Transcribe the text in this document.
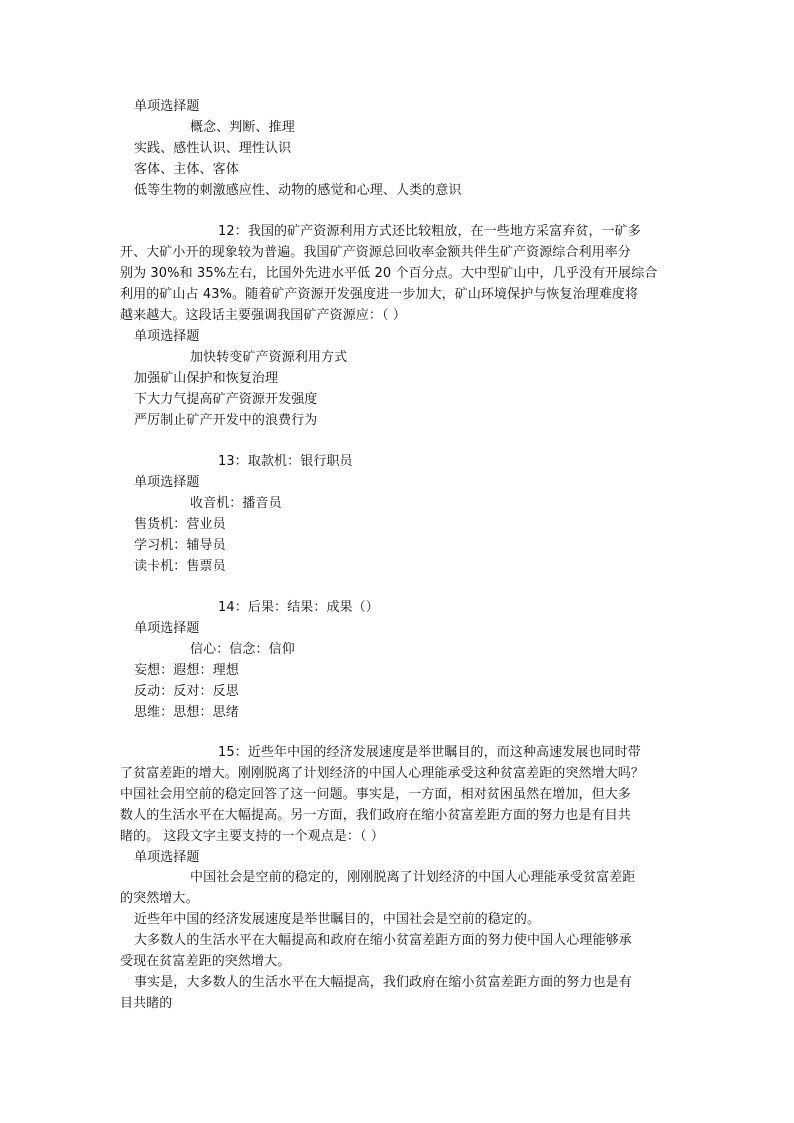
单项选择题
概念、判断、推理
实践、感性认识、理性认识
客体、主体、客体
低等生物的刺激感应性、动物的感觉和心理、人类的意识
12：我国的矿产资源利用方式还比较粗放，在一些地方采富弃贫，一矿多
开、大矿小开的现象较为普遍。我国矿产资源总回收率金额共伴生矿产资源综合利用率分
别为 30%和 35%左右，比国外先进水平低 20 个百分点。大中型矿山中，几乎没有开展综合
利用的矿山占 43%。随着矿产资源开发强度进一步加大，矿山环境保护与恢复治理难度将
越来越大。这段话主要强调我国矿产资源应：（ ）
单项选择题
加快转变矿产资源利用方式
加强矿山保护和恢复治理
下大力气提高矿产资源开发强度
严厉制止矿产开发中的浪费行为
13：取款机：银行职员
单项选择题
收音机：播音员
售货机：营业员
学习机：辅导员
读卡机：售票员
14：后果：结果：成果（）
单项选择题
信心：信念：信仰
妄想：遐想：理想
反动：反对：反思
思维：思想：思绪
15：近些年中国的经济发展速度是举世瞩目的，而这种高速发展也同时带
了贫富差距的增大。刚刚脱离了计划经济的中国人心理能承受这种贫富差距的突然增大吗？
中国社会用空前的稳定回答了这一问题。事实是，一方面，相对贫困虽然在增加，但大多
数人的生活水平在大幅提高。另一方面，我们政府在缩小贫富差距方面的努力也是有目共
睹的。 这段文字主要支持的一个观点是：（ ）
单项选择题
中国社会是空前的稳定的，刚刚脱离了计划经济的中国人心理能承受贫富差距
的突然增大。
近些年中国的经济发展速度是举世瞩目的，中国社会是空前的稳定的。
大多数人的生活水平在大幅提高和政府在缩小贫富差距方面的努力使中国人心理能够承
受现在贫富差距的突然增大。
事实是，大多数人的生活水平在大幅提高，我们政府在缩小贫富差距方面的努力也是有
目共睹的
